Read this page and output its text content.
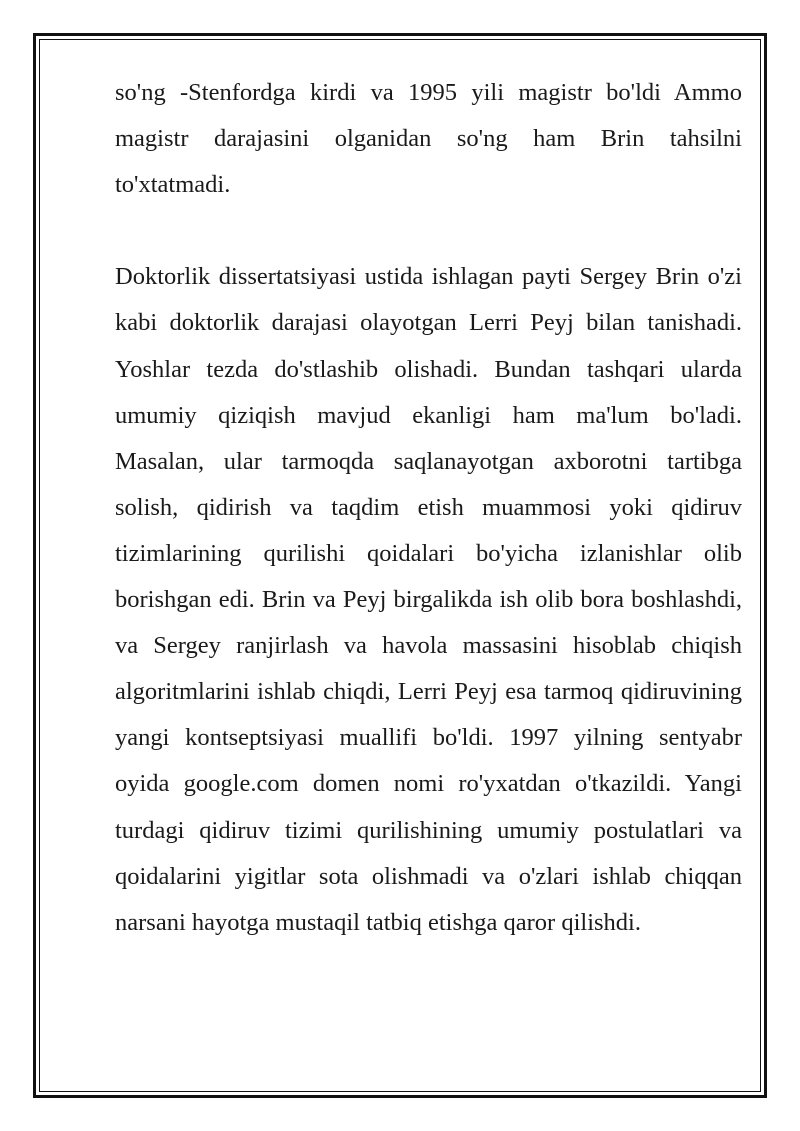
so'ng -Stenfordga kirdi va 1995 yili magistr bo'ldi Ammo magistr darajasini olganidan so'ng ham Brin tahsilni to'xtatmadi.
Doktorlik dissertatsiyasi ustida ishlagan payti Sergey Brin o'zi kabi doktorlik darajasi olayotgan Lerri Peyj bilan tanishadi. Yoshlar tezda do'stlashib olishadi. Bundan tashqari ularda umumiy qiziqish mavjud ekanligi ham ma'lum bo'ladi. Masalan, ular tarmoqda saqlanayotgan axborotni tartibga solish, qidirish va taqdim etish muammosi yoki qidiruv tizimlarining qurilishi qoidalari bo'yicha izlanishlar olib borishgan edi. Brin va Peyj birgalikda ish olib bora boshlashdi, va Sergey ranjirlash va havola massasini hisoblab chiqish algoritmlarini ishlab chiqdi, Lerri Peyj esa tarmoq qidiruvining yangi kontseptsiyasi muallifi bo'ldi. 1997 yilning sentyabr oyida google.com domen nomi ro'yxatdan o'tkazildi. Yangi turdagi qidiruv tizimi qurilishining umumiy postulatlari va qoidalarini yigitlar sota olishmadi va o'zlari ishlab chiqqan narsani hayotga mustaqil tatbiq etishga qaror qilishdi.
